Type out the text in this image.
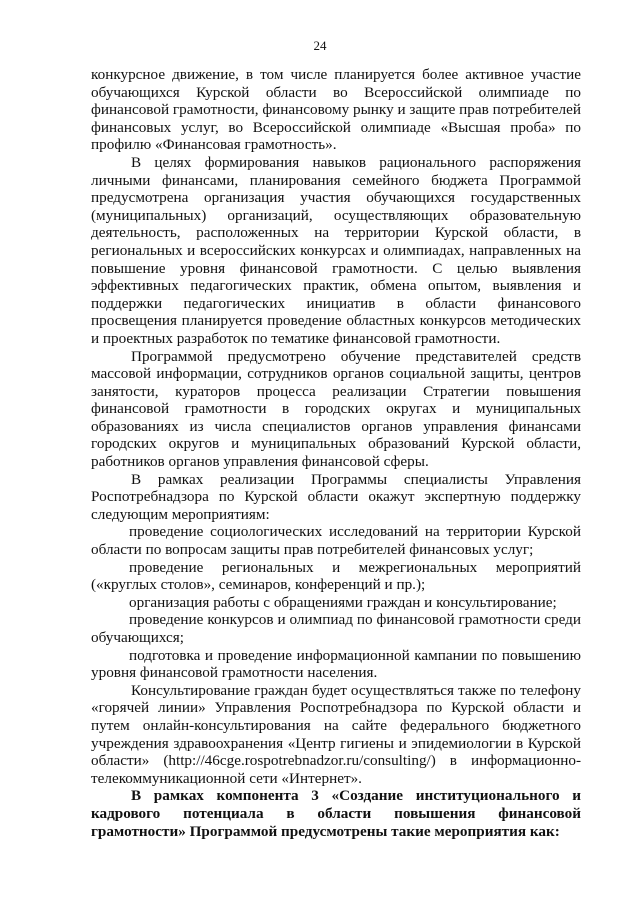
24

конкурсное движение, в том числе планируется более активное участие обучающихся Курской области во Всероссийской олимпиаде по финансовой грамотности, финансовому рынку и защите прав потребителей финансовых услуг, во Всероссийской олимпиаде «Высшая проба» по профилю «Финансовая грамотность».

В целях формирования навыков рационального распоряжения личными финансами, планирования семейного бюджета Программой предусмотрена организация участия обучающихся государственных (муниципальных) организаций, осуществляющих образовательную деятельность, расположенных на территории Курской области, в региональных и всероссийских конкурсах и олимпиадах, направленных на повышение уровня финансовой грамотности. С целью выявления эффективных педагогических практик, обмена опытом, выявления и поддержки педагогических инициатив в области финансового просвещения планируется проведение областных конкурсов методических и проектных разработок по тематике финансовой грамотности.

Программой предусмотрено обучение представителей средств массовой информации, сотрудников органов социальной защиты, центров занятости, кураторов процесса реализации Стратегии повышения финансовой грамотности в городских округах и муниципальных образованиях из числа специалистов органов управления финансами городских округов и муниципальных образований Курской области, работников органов управления финансовой сферы.

В рамках реализации Программы специалисты Управления Роспотребнадзора по Курской области окажут экспертную поддержку следующим мероприятиям:

проведение социологических исследований на территории Курской области по вопросам защиты прав потребителей финансовых услуг;

проведение региональных и межрегиональных мероприятий («круглых столов», семинаров, конференций и пр.);

организация работы с обращениями граждан и консультирование;

проведение конкурсов и олимпиад по финансовой грамотности среди обучающихся;

подготовка и проведение информационной кампании по повышению уровня финансовой грамотности населения.

Консультирование граждан будет осуществляться также по телефону «горячей линии» Управления Роспотребнадзора по Курской области и путем онлайн-консультирования на сайте федерального бюджетного учреждения здравоохранения «Центр гигиены и эпидемиологии в Курской области» (http://46cge.rospotrebnadzor.ru/consulting/) в информационно-телекоммуникационной сети «Интернет».

В рамках компонента 3 «Создание институционального и кадрового потенциала в области повышения финансовой грамотности» Программой предусмотрены такие мероприятия как:
